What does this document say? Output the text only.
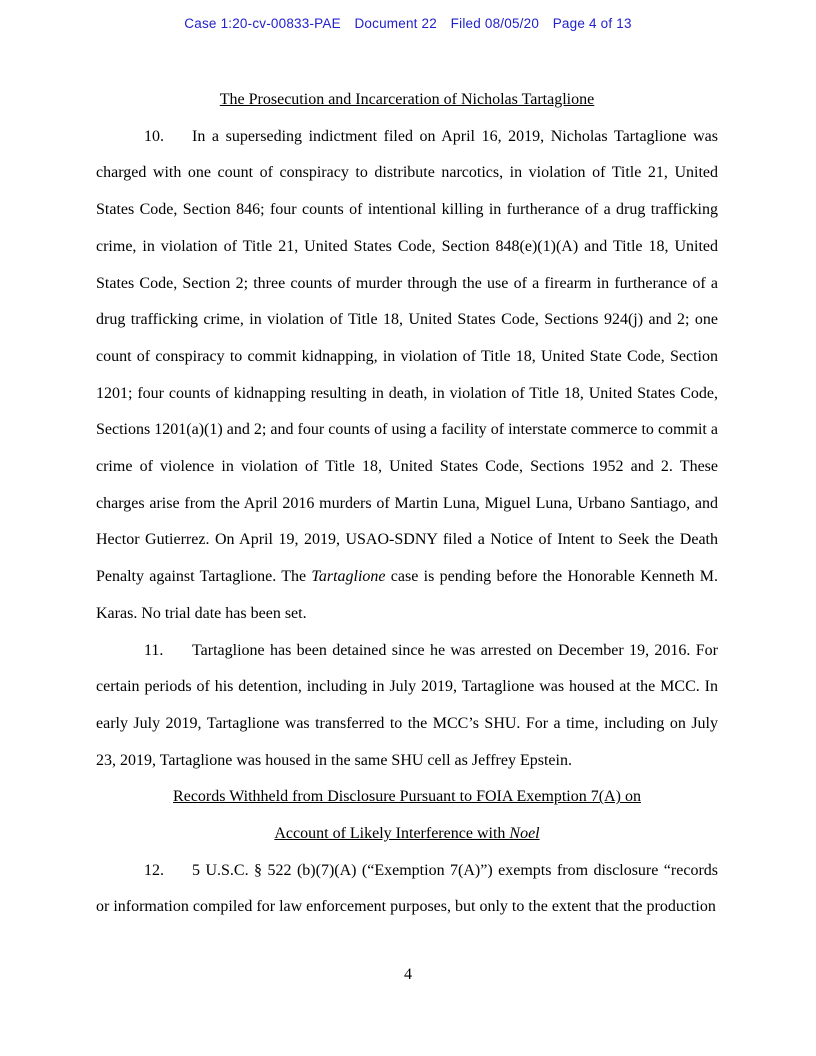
Case 1:20-cv-00833-PAE Document 22 Filed 08/05/20 Page 4 of 13
The Prosecution and Incarceration of Nicholas Tartaglione

10. In a superseding indictment filed on April 16, 2019, Nicholas Tartaglione was charged with one count of conspiracy to distribute narcotics, in violation of Title 21, United States Code, Section 846; four counts of intentional killing in furtherance of a drug trafficking crime, in violation of Title 21, United States Code, Section 848(e)(1)(A) and Title 18, United States Code, Section 2; three counts of murder through the use of a firearm in furtherance of a drug trafficking crime, in violation of Title 18, United States Code, Sections 924(j) and 2; one count of conspiracy to commit kidnapping, in violation of Title 18, United State Code, Section 1201; four counts of kidnapping resulting in death, in violation of Title 18, United States Code, Sections 1201(a)(1) and 2; and four counts of using a facility of interstate commerce to commit a crime of violence in violation of Title 18, United States Code, Sections 1952 and 2. These charges arise from the April 2016 murders of Martin Luna, Miguel Luna, Urbano Santiago, and Hector Gutierrez. On April 19, 2019, USAO-SDNY filed a Notice of Intent to Seek the Death Penalty against Tartaglione. The Tartaglione case is pending before the Honorable Kenneth M. Karas. No trial date has been set.

11. Tartaglione has been detained since he was arrested on December 19, 2016. For certain periods of his detention, including in July 2019, Tartaglione was housed at the MCC. In early July 2019, Tartaglione was transferred to the MCC’s SHU. For a time, including on July 23, 2019, Tartaglione was housed in the same SHU cell as Jeffrey Epstein.

Records Withheld from Disclosure Pursuant to FOIA Exemption 7(A) on
Account of Likely Interference with Noel

12. 5 U.S.C. § 522 (b)(7)(A) (“Exemption 7(A)”) exempts from disclosure “records or information compiled for law enforcement purposes, but only to the extent that the production

4
